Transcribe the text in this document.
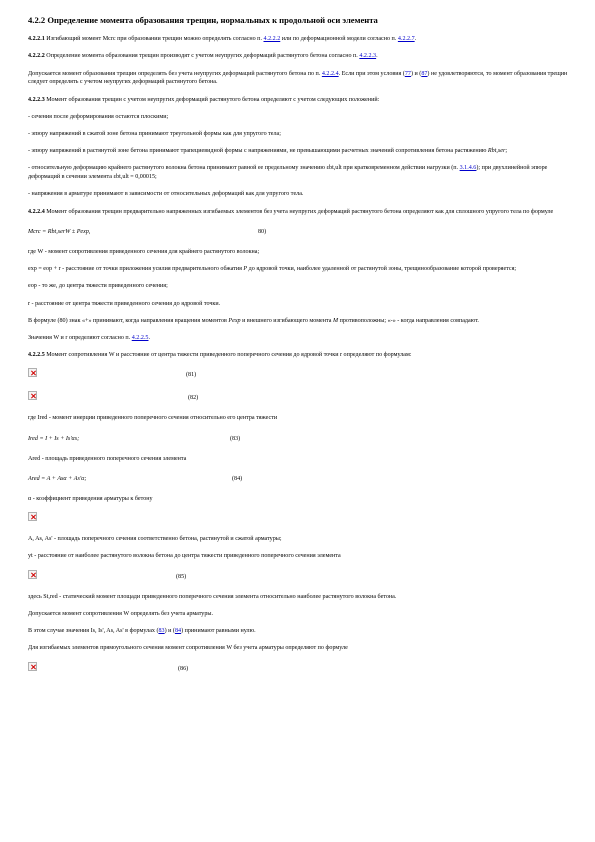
4.2.2 Определение момента образования трещин, нормальных к продольной оси элемента
4.2.2.1 Изгибающий момент Mcrc при образовании трещин можно определять согласно п. 4.2.2.2 или по деформационной модели согласно п. 4.2.2.7.
4.2.2.2 Определение момента образования трещин производят с учетом неупругих деформаций растянутого бетона согласно п. 4.2.2.3.
Допускается момент образования трещин определять без учета неупругих деформаций растянутого бетона по п. 4.2.2.4. Если при этом условия (77) и (87) не удовлетворяются, то момент образования трещин следует определять с учетом неупругих деформаций растянутого бетона.
4.2.2.3 Момент образования трещин с учетом неупругих деформаций растянутого бетона определяют с учетом следующих положений:
- сечения после деформирования остаются плоскими;
- эпюру напряжений в сжатой зоне бетона принимают треугольной формы как для упругого тела;
- эпюру напряжений в растянутой зоне бетона принимают трапециевидной формы с напряжениями, не превышающими расчетных значений сопротивления бетона растяжению Rbt,ser;
- относительную деформацию крайнего растянутого волокна бетона принимают равной ее предельному значению εbt,ult при кратковременном действии нагрузки (п. 3.1.4.6); при двухлинейной эпюре деформаций в сечении элемента εbt,ult = 0,00015;
- напряжения в арматуре принимают в зависимости от относительных деформаций как для упругого тела.
4.2.2.4 Момент образования трещин предварительно напряженных изгибаемых элементов без учета неупругих деформаций растянутого бетона определяют как для сплошного упругого тела по формуле
Mcrc = Rbt,serW ± Pexp,	80)
где W - момент сопротивления приведенного сечения для крайнего растянутого волокна;
exp = eop + r - расстояние от точки приложения усилия предварительного обжатия P до ядровой точки, наиболее удаленной от растянутой зоны, трещинообразование которой проверяется;
eop - то же, до центра тяжести приведенного сечения;
r - расстояние от центра тяжести приведенного сечения до ядровой точки.
В формуле (80) знак «+» принимают, когда направления вращения моментов Pexp и внешнего изгибающего момента M противоположны; «-» - когда направления совпадают.
Значения W и r определяют согласно п. 4.2.2.5.
4.2.2.5 Момент сопротивления W и расстояние от центра тяжести приведенного поперечного сечения до ядровой точки r определяют по формулам:
(81)
(82)
где Ired - момент инерции приведенного поперечного сечения относительно его центра тяжести
Ired = I + Is + Is'αs;	(83)
Ared - площадь приведенного поперечного сечения элемента
Ared = A + Asα + As'α;	(84)
α - коэффициент приведения арматуры к бетону
A, As, As' - площадь поперечного сечения соответственно бетона, растянутой и сжатой арматуры;
yt - расстояние от наиболее растянутого волокна бетона до центра тяжести приведенного поперечного сечения элемента
(85)
здесь St,red - статический момент площади приведенного поперечного сечения элемента относительно наиболее растянутого волокна бетона.
Допускается момент сопротивления W определять без учета арматуры.
В этом случае значения Is, Is', As, As' в формулах (83) и (84) принимают равными нулю.
Для изгибаемых элементов прямоугольного сечения момент сопротивления W без учета арматуры определяют по формуле
(86)
